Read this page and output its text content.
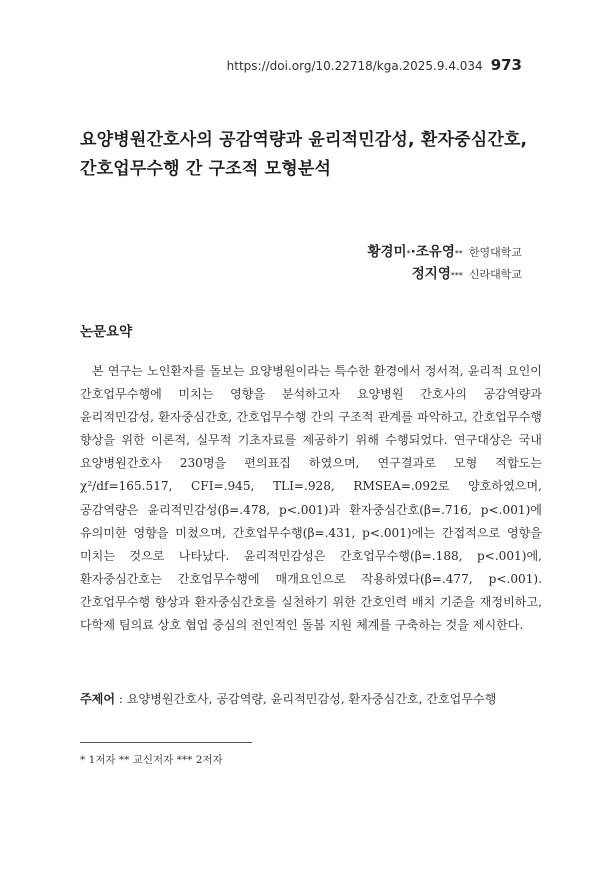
https://doi.org/10.22718/kga.2025.9.4.034 973
요양병원간호사의 공감역량과 윤리적민감성, 환자중심간호, 간호업무수행 간 구조적 모형분석
황경미*·조유영** 한영대학교
정지영*** 신라대학교
논문요약
본 연구는 노인환자를 돌보는 요양병원이라는 특수한 환경에서 정서적, 윤리적 요인이 간호업무수행에 미치는 영향을 분석하고자 요양병원 간호사의 공감역량과 윤리적민감성, 환자중심간호, 간호업무수행 간의 구조적 관계를 파악하고, 간호업무수행 향상을 위한 이론적, 실무적 기초자료를 제공하기 위해 수행되었다. 연구대상은 국내 요양병원간호사 230명을 편의표집 하였으며, 연구결과로 모형 적합도는 χ²/df=165.517, CFI=.945, TLI=.928, RMSEA=.092로 양호하였으며, 공감역량은 윤리적민감성(β=.478, p<.001)과 환자중심간호(β=.716, p<.001)에 유의미한 영향을 미쳤으며, 간호업무수행(β=.431, p<.001)에는 간접적으로 영향을 미치는 것으로 나타났다. 윤리적민감성은 간호업무수행(β=.188, p<.001)에, 환자중심간호는 간호업무수행에 매개요인으로 작용하였다(β=.477, p<.001). 간호업무수행 향상과 환자중심간호를 실천하기 위한 간호인력 배치 기준을 재정비하고, 다학제 팀의료 상호 협업 중심의 전인적인 돌봄 지원 체계를 구축하는 것을 제시한다.
주제어 : 요양병원간호사, 공감역량, 윤리적민감성, 환자중심간호, 간호업무수행
* 1저자 ** 교신저자 *** 2저자
